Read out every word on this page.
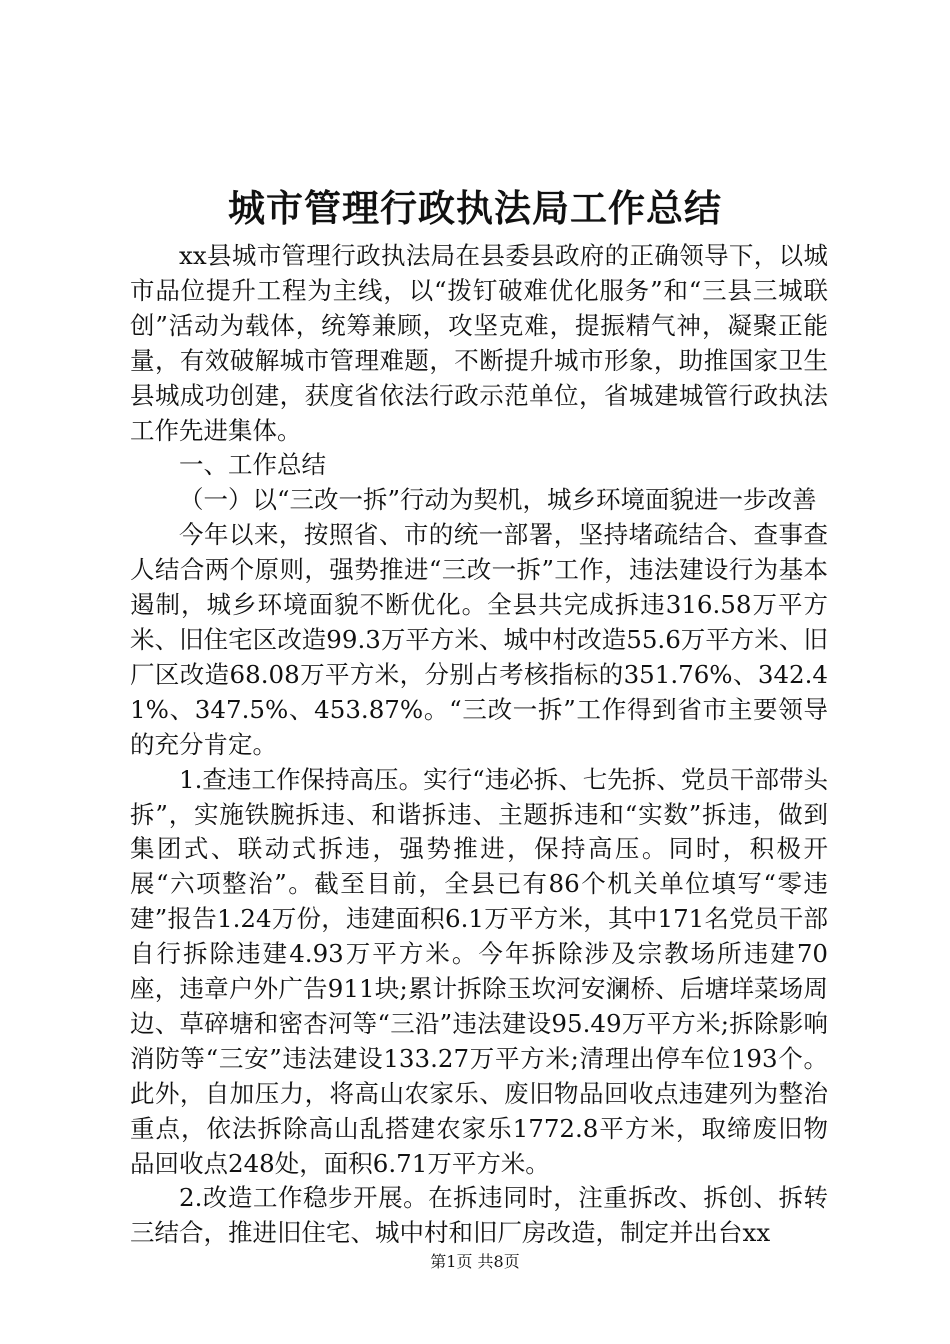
城市管理行政执法局工作总结

xx县城市管理行政执法局在县委县政府的正确领导下，以城市品位提升工程为主线，以“拨钉破难优化服务”和“三县三城联创”活动为载体，统筹兼顾，攻坚克难，提振精气神，凝聚正能量，有效破解城市管理难题，不断提升城市形象，助推国家卫生县城成功创建，获度省依法行政示范单位，省城建城管行政执法工作先进集体。

一、工作总结

（一）以“三改一拆”行动为契机，城乡环境面貌进一步改善

今年以来，按照省、市的统一部署，坚持堵疏结合、查事查人结合两个原则，强势推进“三改一拆”工作，违法建设行为基本遏制，城乡环境面貌不断优化。全县共完成拆违316.58万平方米、旧住宅区改造99.3万平方米、城中村改造55.6万平方米、旧厂区改造68.08万平方米，分别占考核指标的351.76%、342.41%、347.5%、453.87%。“三改一拆”工作得到省市主要领导的充分肯定。

1.查违工作保持高压。实行“违必拆、七先拆、党员干部带头拆”，实施铁腕拆违、和谐拆违、主题拆违和“实数”拆违，做到集团式、联动式拆违，强势推进，保持高压。同时，积极开展“六项整治”。截至目前，全县已有86个机关单位填写“零违建”报告1.24万份，违建面积6.1万平方米，其中171名党员干部自行拆除违建4.93万平方米。今年拆除涉及宗教场所违建70座，违章户外广告911块;累计拆除玉坎河安澜桥、后塘垟菜场周边、草碎塘和密杏河等“三沿”违法建设95.49万平方米;拆除影响消防等“三安”违法建设133.27万平方米;清理出停车位193个。此外，自加压力，将高山农家乐、废旧物品回收点违建列为整治重点，依法拆除高山乱搭建农家乐1772.8平方米，取缔废旧物品回收点248处，面积6.71万平方米。

2.改造工作稳步开展。在拆违同时，注重拆改、拆创、拆转三结合，推进旧住宅、城中村和旧厂房改造，制定并出台xx

第1页 共8页
